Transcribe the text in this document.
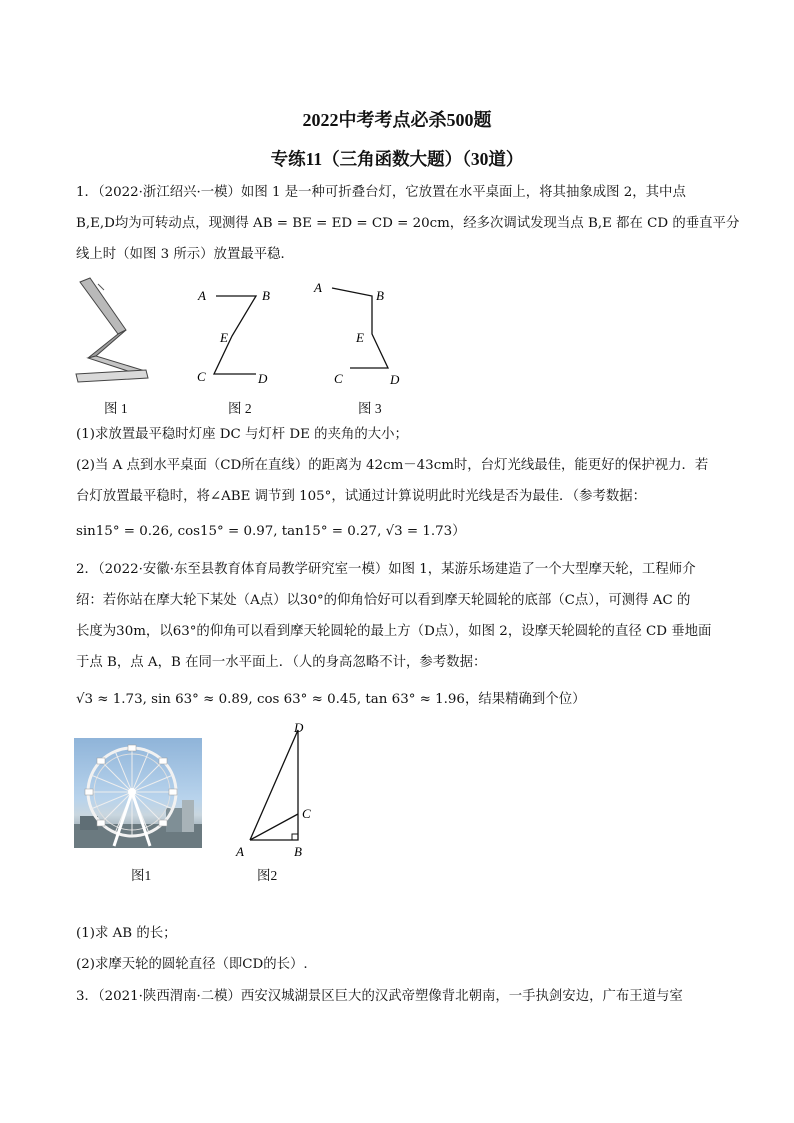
2022中考考点必杀500题
专练11（三角函数大题）（30道）
1．（2022·浙江绍兴·一模）如图 1 是一种可折叠台灯，它放置在水平桌面上，将其抽象成图 2，其中点
B,E,D均为可转动点，现测得 AB = BE = ED = CD = 20cm，经多次调试发现当点 B,E 都在 CD 的垂直平分
线上时（如图 3 所示）放置最平稳．
图 1
A	B
E
C	D
图 2
A
B
E
C	D
图 3
(1)求放置最平稳时灯座 DC 与灯杆 DE 的夹角的大小；
(2)当 A 点到水平桌面（CD所在直线）的距离为 42cm－43cm时，台灯光线最佳，能更好的保护视力．若
台灯放置最平稳时，将∠ABE 调节到 105°，试通过计算说明此时光线是否为最佳．（参考数据：
sin15° = 0.26, cos15° = 0.97, tan15° = 0.27, √3 = 1.73）
2．（2022·安徽·东至县教育体育局教学研究室一模）如图 1，某游乐场建造了一个大型摩天轮，工程师介
绍：若你站在摩大轮下某处（A点）以30°的仰角恰好可以看到摩天轮圆轮的底部（C点），可测得 AC 的
长度为30m，以63°的仰角可以看到摩天轮圆轮的最上方（D点），如图 2，设摩天轮圆轮的直径 CD 垂地面
于点 B，点 A，B 在同一水平面上．（人的身高忽略不计，参考数据：
√3 ≈ 1.73, sin 63° ≈ 0.89, cos 63° ≈ 0.45, tan 63° ≈ 1.96，结果精确到个位）
图1
D
C
A	B
图2
(1)求 AB 的长；
(2)求摩天轮的圆轮直径（即CD的长）.
3．（2021·陕西渭南·二模）西安汉城湖景区巨大的汉武帝塑像背北朝南，一手执剑安边，广布王道与室
